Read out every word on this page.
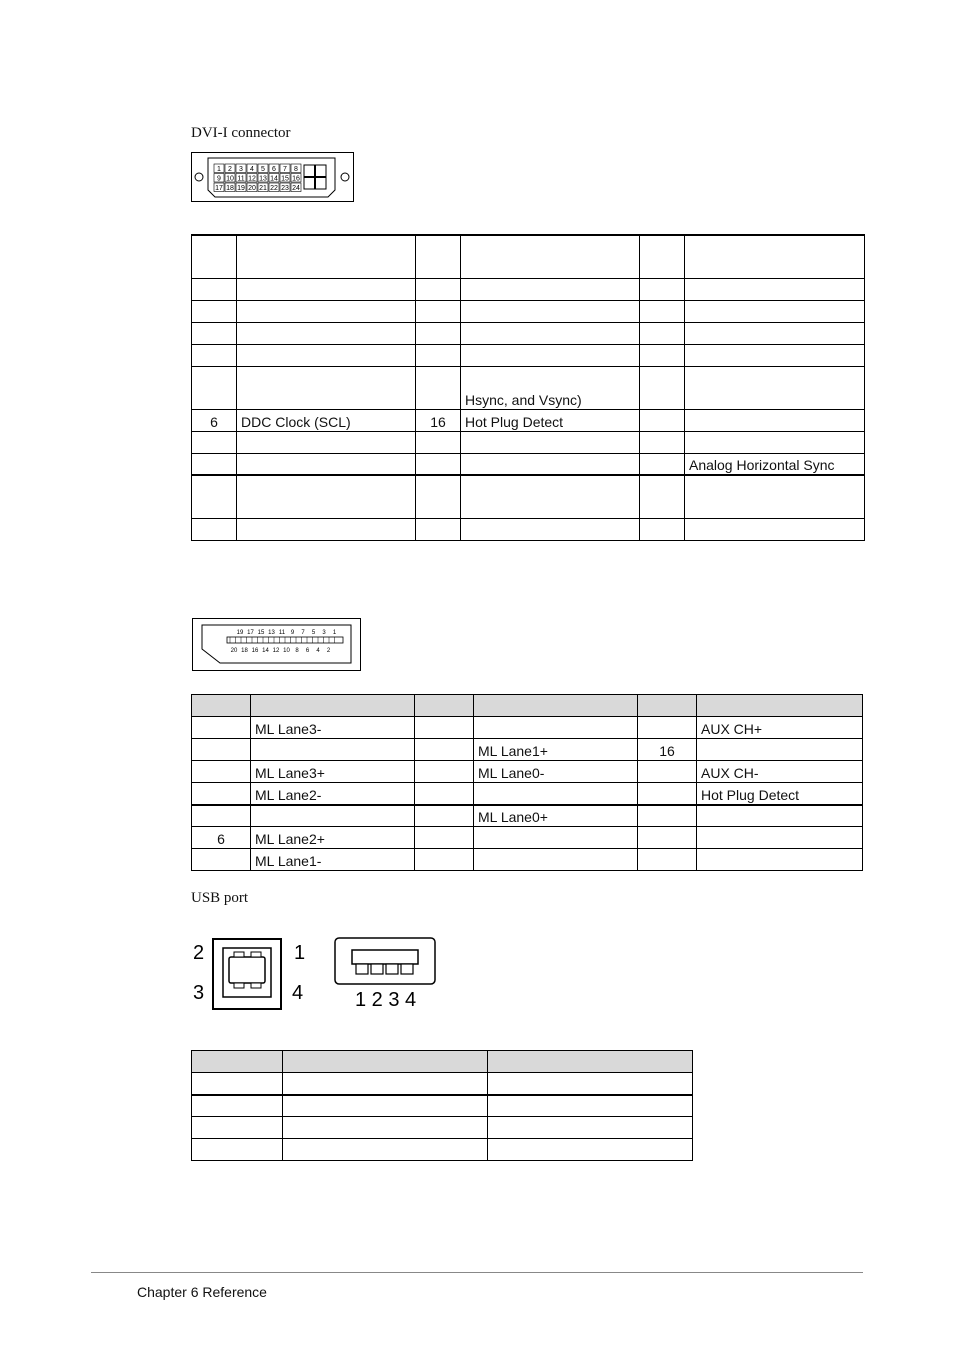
DVI-I connector
1 2 3 4 5 6 7 8
9 10 11 12 13 14 15 16
17 18 19 20 21 22 23 24

			Hsync, and Vsync)		
6	DDC Clock (SCL)	16	Hot Plug Detect		

					Analog Horizontal Sync

19 17 15 13 11 9 7 5 3 1
20 18 16 14 12 10 8 6 4 2

	ML Lane3-				AUX CH+
			ML Lane1+	16	
	ML Lane3+		ML Lane0-		AUX CH-
	ML Lane2-				Hot Plug Detect
			ML Lane0+		
6	ML Lane2+				
	ML Lane1-				
USB port
2	1
3	4	1 2 3 4

Chapter 6 Reference
